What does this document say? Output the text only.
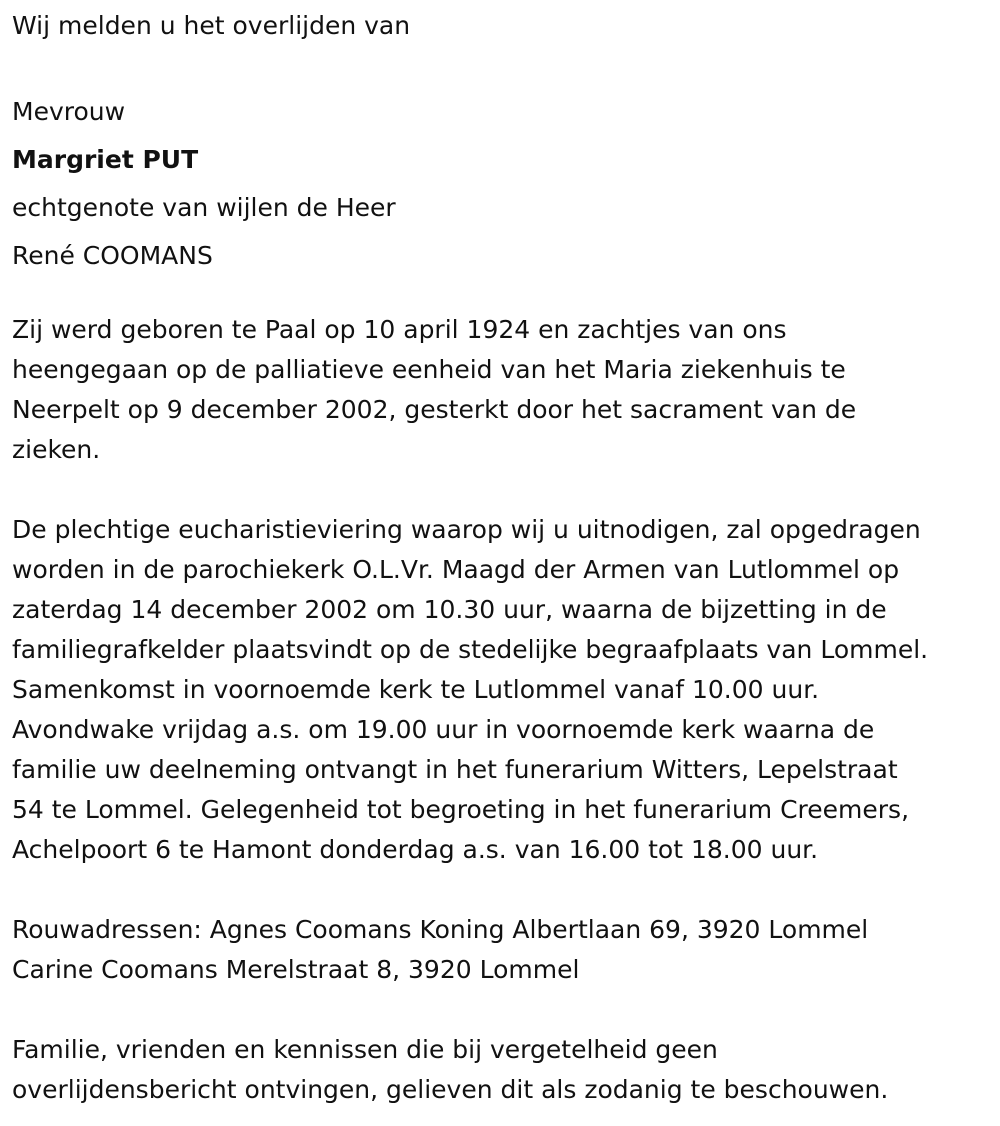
Wij melden u het overlijden van
Mevrouw
Margriet PUT
echtgenote van wijlen de Heer
René COOMANS
Zij werd geboren te Paal op 10 april 1924 en zachtjes van ons
heengegaan op de palliatieve eenheid van het Maria ziekenhuis te
Neerpelt op 9 december 2002, gesterkt door het sacrament van de
zieken.
De plechtige eucharistieviering waarop wij u uitnodigen, zal opgedragen
worden in de parochiekerk O.L.Vr. Maagd der Armen van Lutlommel op
zaterdag 14 december 2002 om 10.30 uur, waarna de bijzetting in de
familiegrafkelder plaatsvindt op de stedelijke begraafplaats van Lommel.
Samenkomst in voornoemde kerk te Lutlommel vanaf 10.00 uur.
Avondwake vrijdag a.s. om 19.00 uur in voornoemde kerk waarna de
familie uw deelneming ontvangt in het funerarium Witters, Lepelstraat
54 te Lommel. Gelegenheid tot begroeting in het funerarium Creemers,
Achelpoort 6 te Hamont donderdag a.s. van 16.00 tot 18.00 uur.
Rouwadressen: Agnes Coomans Koning Albertlaan 69, 3920 Lommel
Carine Coomans Merelstraat 8, 3920 Lommel
Familie, vrienden en kennissen die bij vergetelheid geen
overlijdensbericht ontvingen, gelieven dit als zodanig te beschouwen.
